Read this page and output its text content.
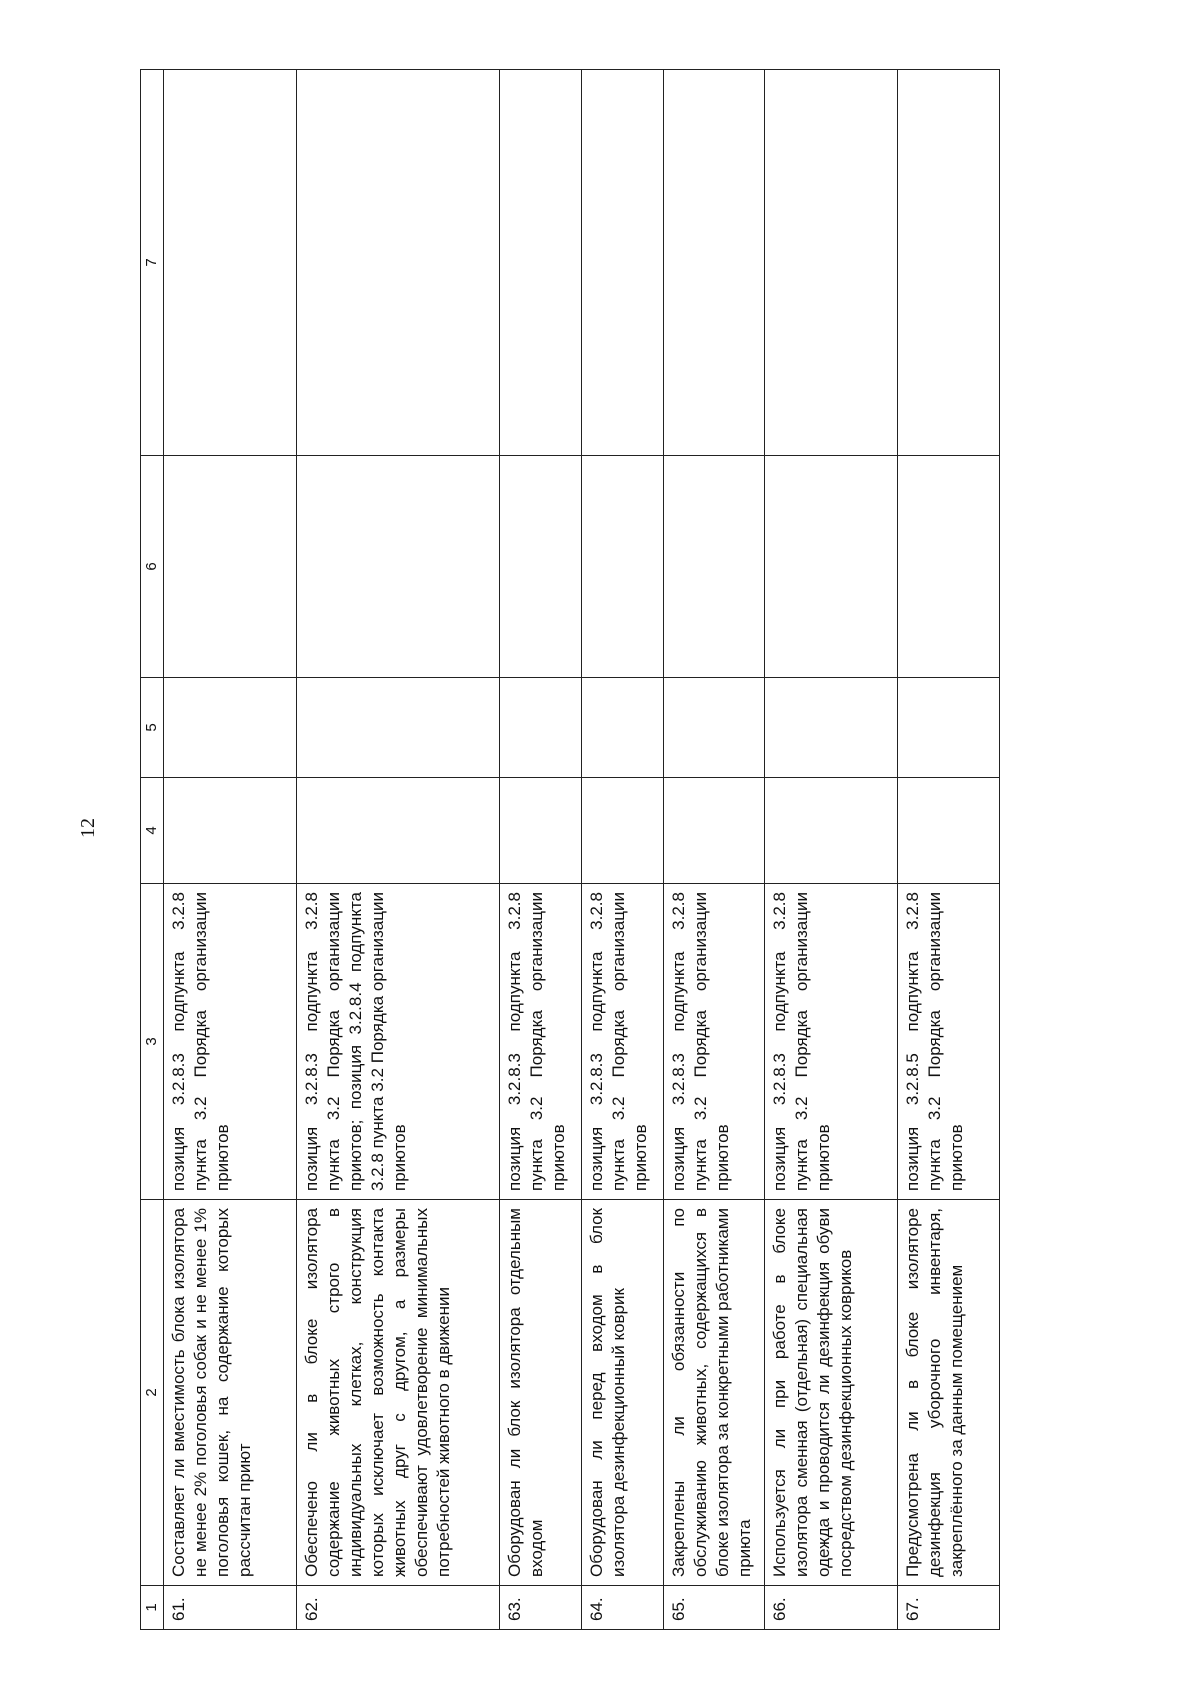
12
1	2	3	4	5	6	7
61.	Составляет ли вместимость блока изолятора не менее 2% поголовья собак и не менее 1% поголовья кошек, на содержание которых рассчитан приют	позиция 3.2.8.3 подпункта 3.2.8 пункта 3.2 Порядка организации приютов				
62.	Обеспечено ли в блоке изолятора содержание животных строго в индивидуальных клетках, конструкция которых исключает возможность контакта животных друг с другом, а размеры обеспечивают удовлетворение минимальных потребностей животного в движении	позиция 3.2.8.3 подпункта 3.2.8 пункта 3.2 Порядка организации приютов; позиция 3.2.8.4 подпункта 3.2.8 пункта 3.2 Порядка организации приютов				
63.	Оборудован ли блок изолятора отдельным входом	позиция 3.2.8.3 подпункта 3.2.8 пункта 3.2 Порядка организации приютов				
64.	Оборудован ли перед входом в блок изолятора дезинфекционный коврик	позиция 3.2.8.3 подпункта 3.2.8 пункта 3.2 Порядка организации приютов				
65.	Закреплены ли обязанности по обслуживанию животных, содержащихся в блоке изолятора за конкретными работниками приюта	позиция 3.2.8.3 подпункта 3.2.8 пункта 3.2 Порядка организации приютов				
66.	Используется ли при работе в блоке изолятора сменная (отдельная) специальная одежда и проводится ли дезинфекция обуви посредством дезинфекционных ковриков	позиция 3.2.8.3 подпункта 3.2.8 пункта 3.2 Порядка организации приютов				
67.	Предусмотрена ли в блоке изоляторе дезинфекция уборочного инвентаря, закреплённого за данным помещением	позиция 3.2.8.5 подпункта 3.2.8 пункта 3.2 Порядка организации приютов				
